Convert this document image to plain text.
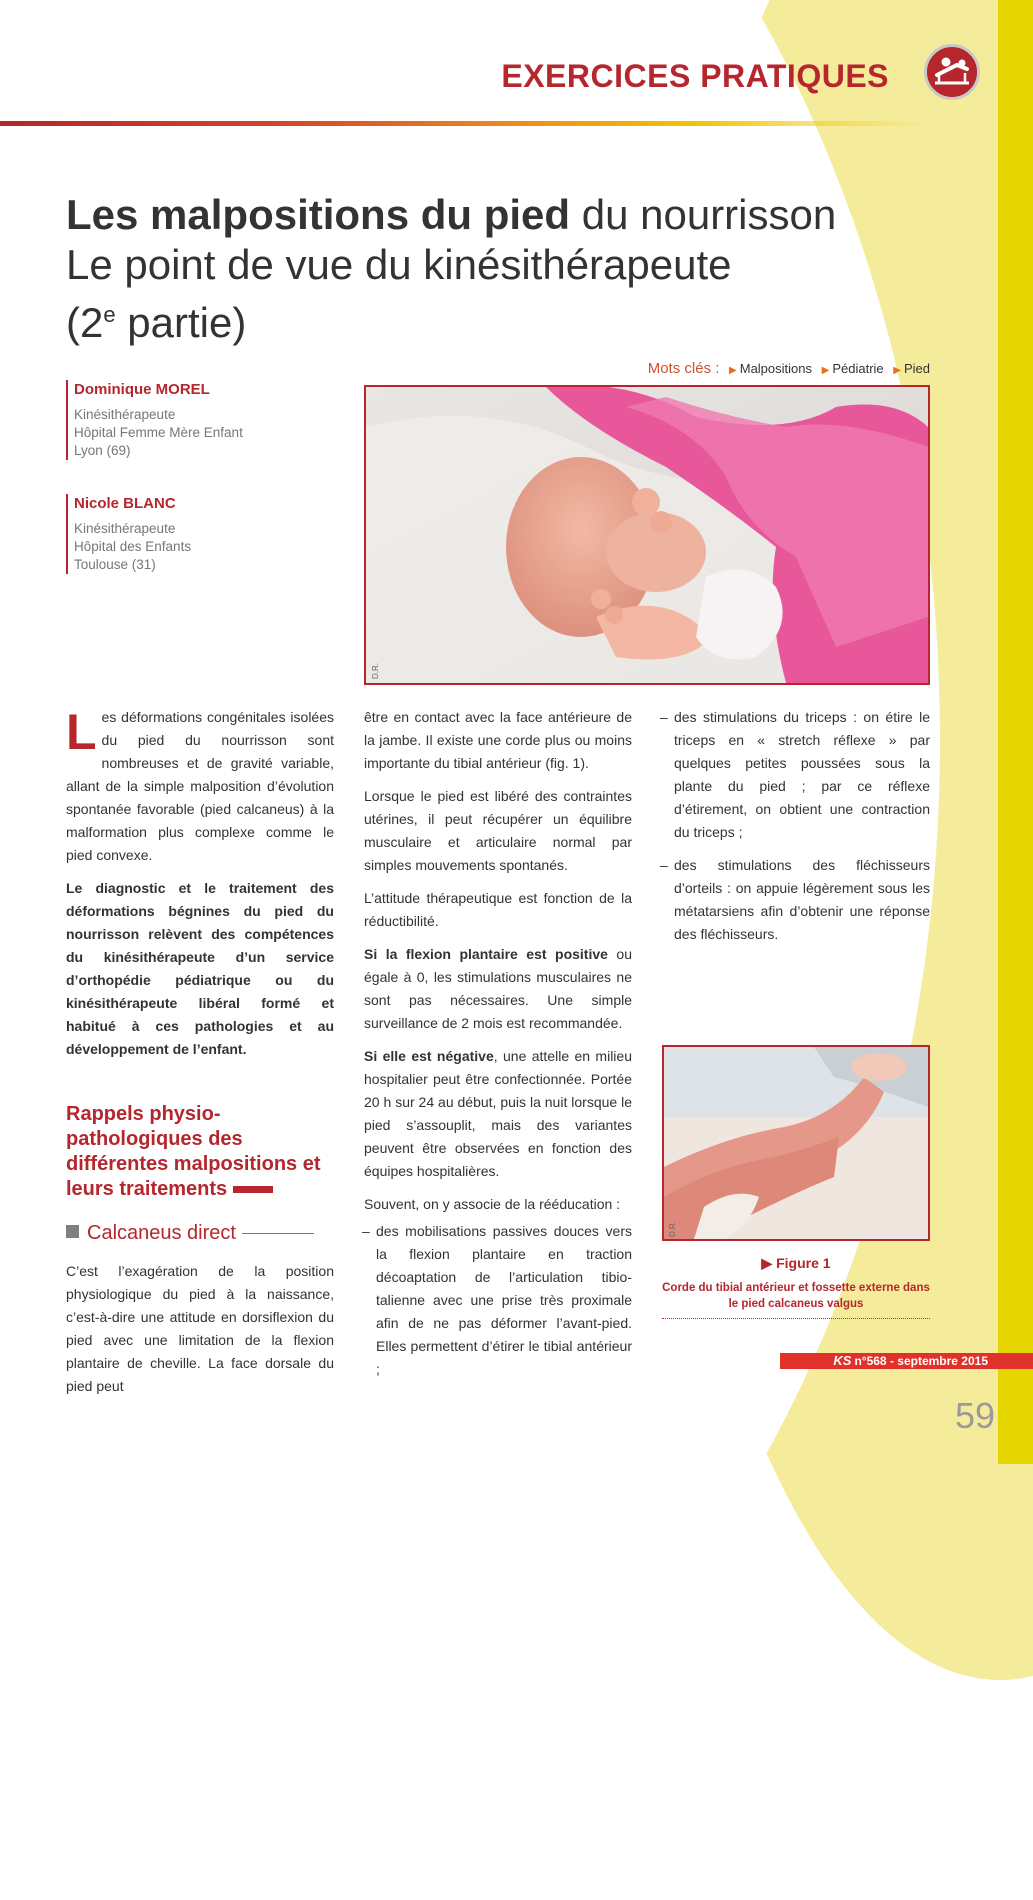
EXERCICES PRATIQUES
Les malpositions du pied du nourrisson
Le point de vue du kinésithérapeute
(2e partie)
Mots clés : ▶ Malpositions ▶ Pédiatrie ▶ Pied
Dominique MOREL
Kinésithérapeute
Hôpital Femme Mère Enfant
Lyon (69)
Nicole BLANC
Kinésithérapeute
Hôpital des Enfants
Toulouse (31)
D.R.

Les déformations congénitales isolées du pied du nourrisson sont nombreuses et de gravité variable, allant de la simple malposition d’évolution spontanée favorable (pied calcaneus) à la malformation plus complexe comme le pied convexe.

Le diagnostic et le traitement des déformations bégnines du pied du nourrisson relèvent des compétences du kinésithérapeute d’un service d’orthopédie pédiatrique ou du kinésithérapeute libéral formé et habitué à ces pathologies et au développement de l’enfant.

Rappels physio-pathologiques des différentes malpositions et leurs traitements
Calcaneus direct

C’est l’exagération de la position physiologique du pied à la naissance, c’est-à-dire une attitude en dorsiflexion du pied avec une limitation de la flexion plantaire de cheville. La face dorsale du pied peut

être en contact avec la face antérieure de la jambe. Il existe une corde plus ou moins importante du tibial antérieur (fig. 1).

Lorsque le pied est libéré des contraintes utérines, il peut récupérer un équilibre musculaire et articulaire normal par simples mouvements spontanés.

L’attitude thérapeutique est fonction de la réductibilité.

Si la flexion plantaire est positive ou égale à 0, les stimulations musculaires ne sont pas nécessaires. Une simple surveillance de 2 mois est recommandée.

Si elle est négative, une attelle en milieu hospitalier peut être confectionnée. Portée 20 h sur 24 au début, puis la nuit lorsque le pied s’assouplit, mais des variantes peuvent être observées en fonction des équipes hospitalières.

Souvent, on y associe de la rééducation :

– des mobilisations passives douces vers la flexion plantaire en traction décoaptation de l’articulation tibio-talienne avec une prise très proximale afin de ne pas déformer l’avant-pied. Elles permettent d’étirer le tibial antérieur ;

– des stimulations du triceps : on étire le triceps en « stretch réflexe » par quelques petites poussées sous la plante du pied ; par ce réflexe d’étirement, on obtient une contraction du triceps ;

– des stimulations des fléchisseurs d’orteils : on appuie légèrement sous les métatarsiens afin d’obtenir une réponse des fléchisseurs.

D.R.
▶ Figure 1
Corde du tibial antérieur et fossette externe dans le pied calcaneus valgus
KS n°568 - septembre 2015
59
